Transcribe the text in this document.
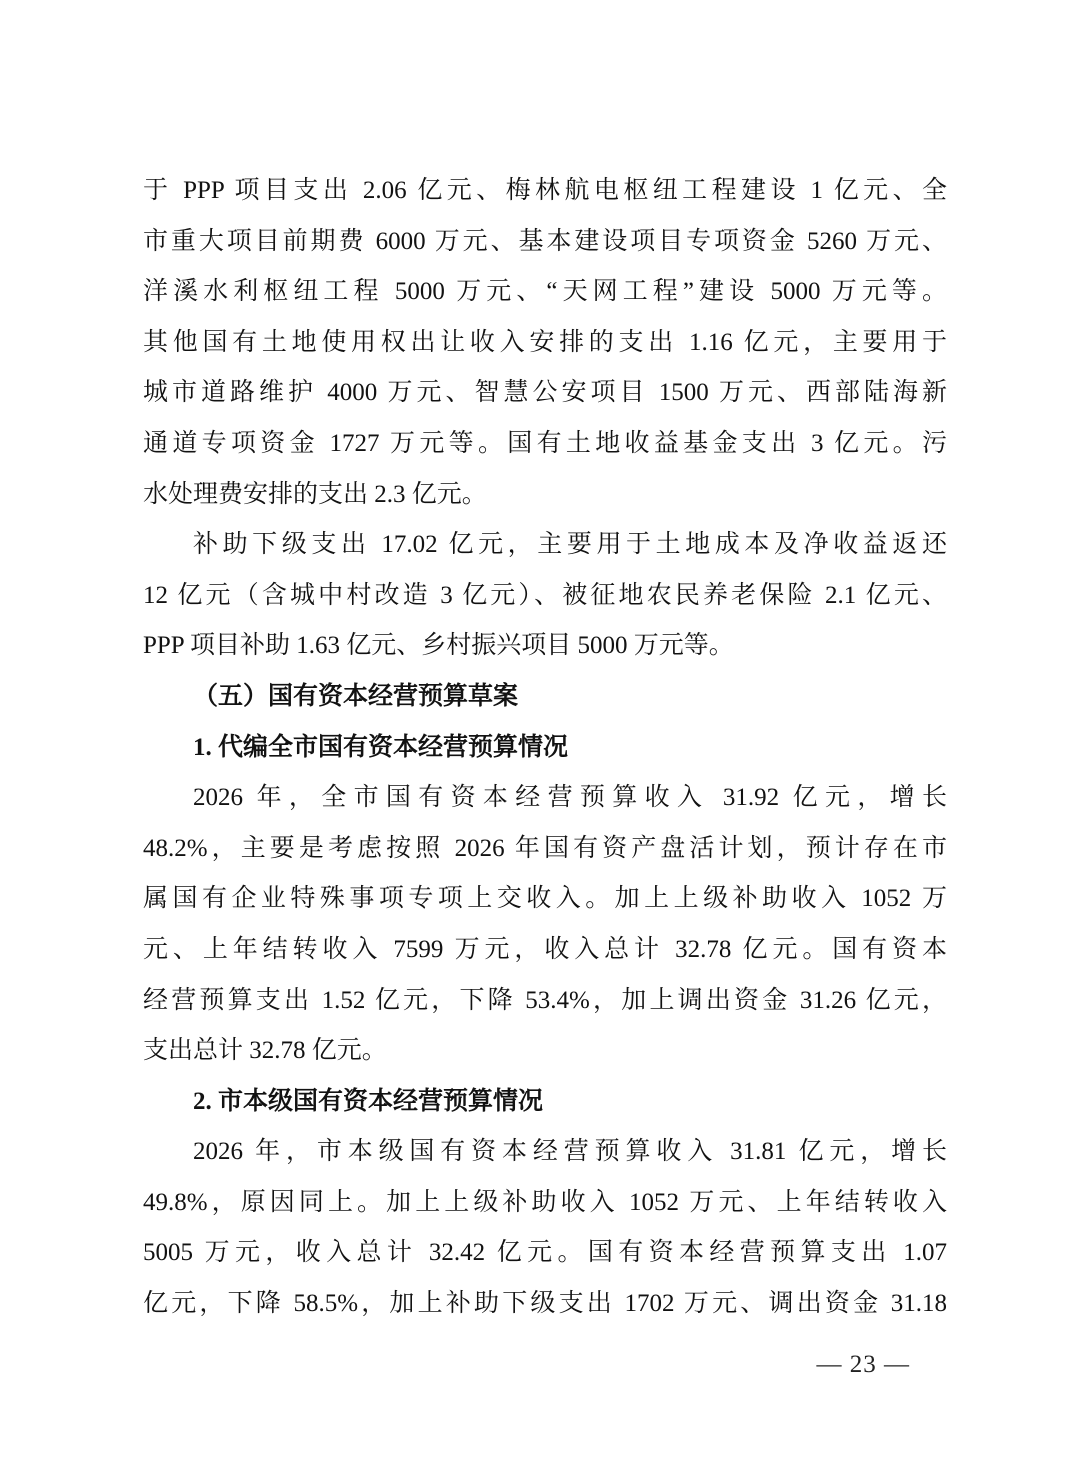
于 PPP 项目支出 2.06 亿元、梅林航电枢纽工程建设 1 亿元、全
市重大项目前期费 6000 万元、基本建设项目专项资金 5260 万元、
洋溪水利枢纽工程 5000 万元、“天网工程”建设 5000 万元等。
其他国有土地使用权出让收入安排的支出 1.16 亿元，主要用于
城市道路维护 4000 万元、智慧公安项目 1500 万元、西部陆海新
通道专项资金 1727 万元等。国有土地收益基金支出 3 亿元。污
水处理费安排的支出 2.3 亿元。
补助下级支出 17.02 亿元，主要用于土地成本及净收益返还
12 亿元（含城中村改造 3 亿元）、被征地农民养老保险 2.1 亿元、
PPP 项目补助 1.63 亿元、乡村振兴项目 5000 万元等。
（五）国有资本经营预算草案
1. 代编全市国有资本经营预算情况
2026 年，全市国有资本经营预算收入 31.92 亿元，增长
48.2%，主要是考虑按照 2026 年国有资产盘活计划，预计存在市
属国有企业特殊事项专项上交收入。加上上级补助收入 1052 万
元、上年结转收入 7599 万元，收入总计 32.78 亿元。国有资本
经营预算支出 1.52 亿元，下降 53.4%，加上调出资金 31.26 亿元，
支出总计 32.78 亿元。
2. 市本级国有资本经营预算情况
2026 年，市本级国有资本经营预算收入 31.81 亿元，增长
49.8%，原因同上。加上上级补助收入 1052 万元、上年结转收入
5005 万元，收入总计 32.42 亿元。国有资本经营预算支出 1.07
亿元，下降 58.5%，加上补助下级支出 1702 万元、调出资金 31.18
— 23 —
